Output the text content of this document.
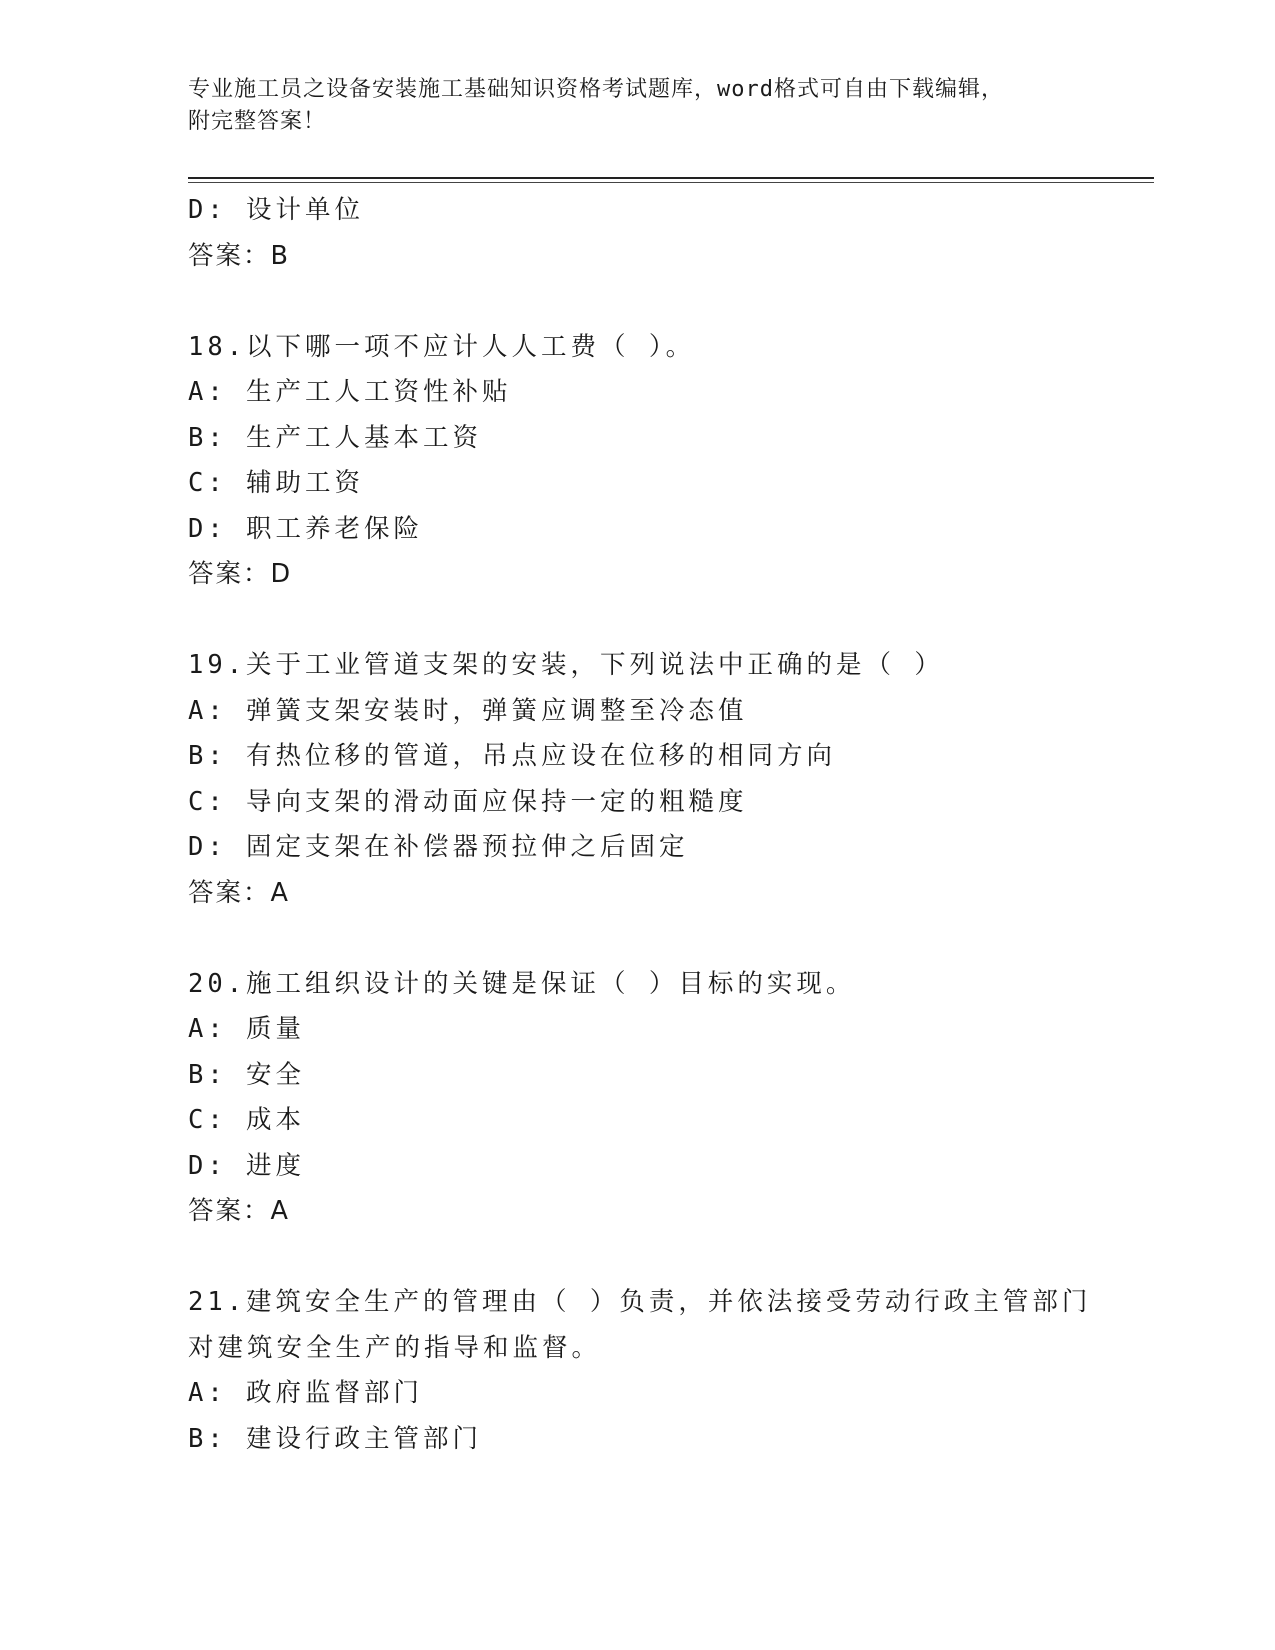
专业施工员之设备安装施工基础知识资格考试题库，word格式可自由下载编辑，
附完整答案！
D: 设计单位
答案：B
18.以下哪一项不应计人人工费（ ）。
A: 生产工人工资性补贴
B: 生产工人基本工资
C: 辅助工资
D: 职工养老保险
答案：D
19.关于工业管道支架的安装，下列说法中正确的是（ ）
A: 弹簧支架安装时，弹簧应调整至冷态值
B: 有热位移的管道，吊点应设在位移的相同方向
C: 导向支架的滑动面应保持一定的粗糙度
D: 固定支架在补偿器预拉伸之后固定
答案：A
20.施工组织设计的关键是保证（ ）目标的实现。
A: 质量
B: 安全
C: 成本
D: 进度
答案：A
21.建筑安全生产的管理由（ ）负责，并依法接受劳动行政主管部门
对建筑安全生产的指导和监督。
A: 政府监督部门
B: 建设行政主管部门
